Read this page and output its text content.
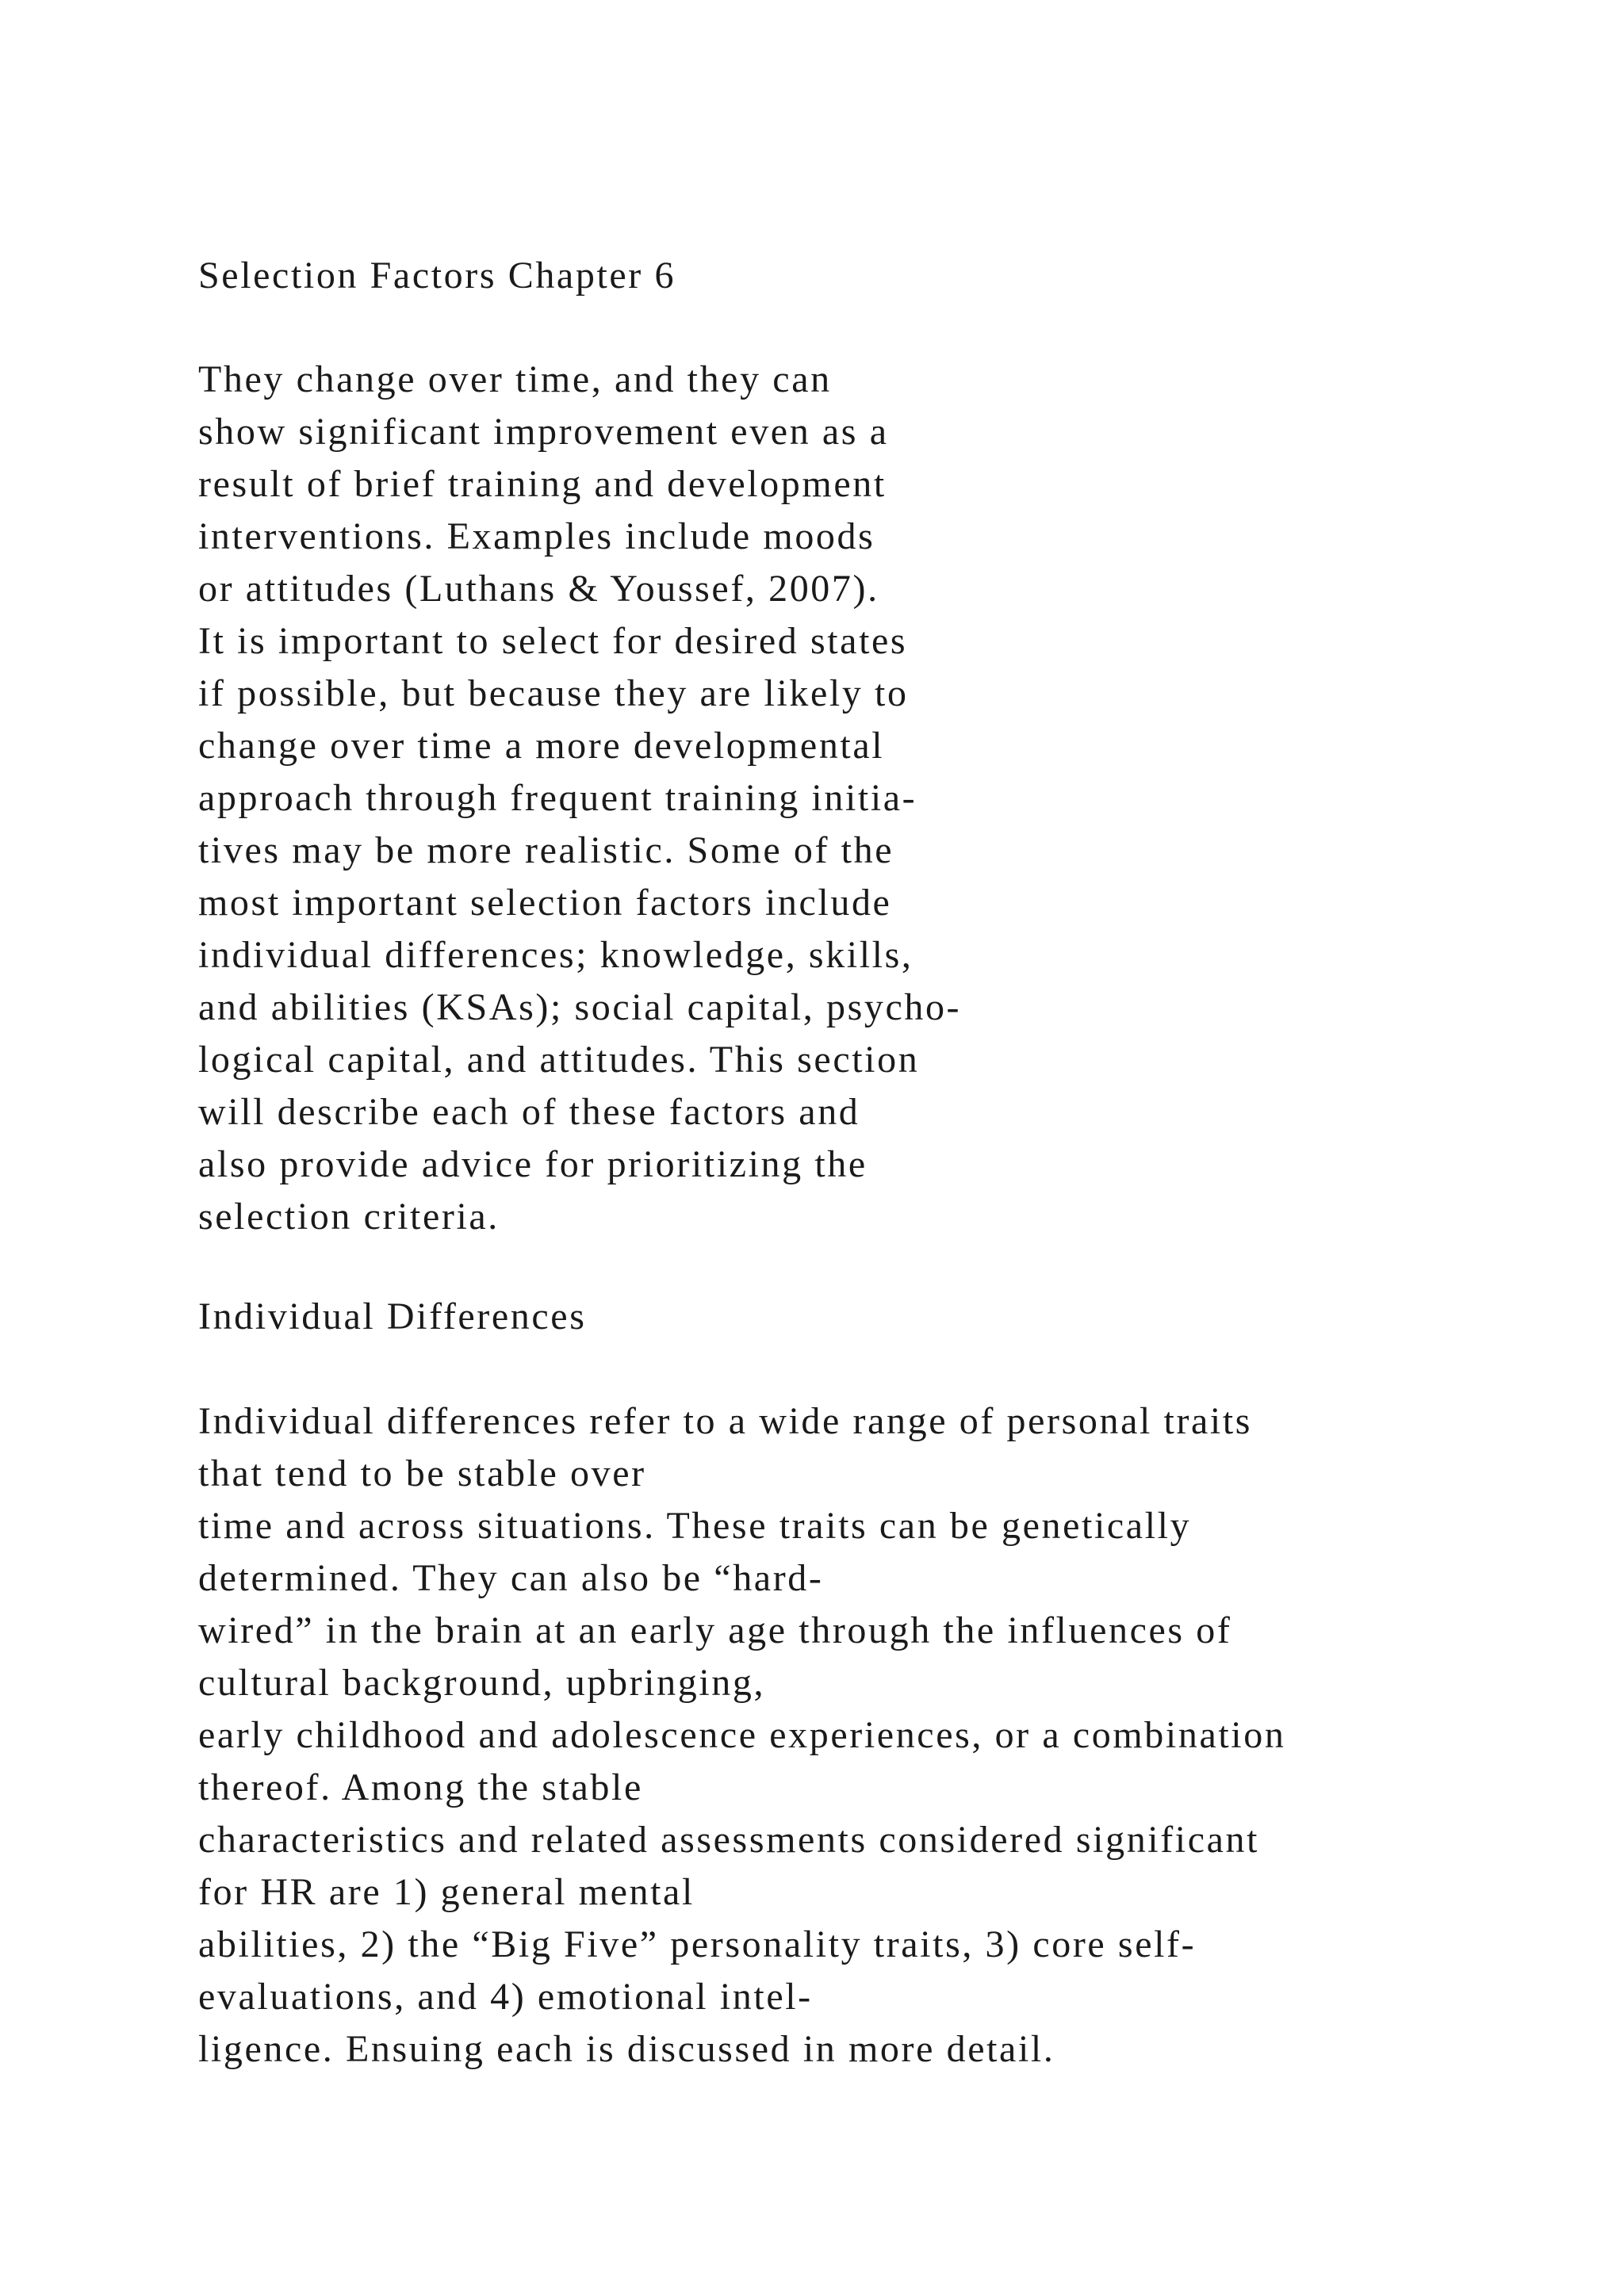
Selection Factors Chapter 6
They change over time, and they can
show significant improvement even as a
result of brief training and development
interventions. Examples include moods
or attitudes (Luthans & Youssef, 2007).
It is important to select for desired states
if possible, but because they are likely to
change over time a more developmental
approach through frequent training initia-
tives may be more realistic. Some of the
most important selection factors include
individual differences; knowledge, skills,
and abilities (KSAs); social capital, psycho-
logical capital, and attitudes. This section
will describe each of these factors and
also provide advice for prioritizing the
selection criteria.
Individual Differences
Individual differences refer to a wide range of personal traits
that tend to be stable over
time and across situations. These traits can be genetically
determined. They can also be “hard-
wired” in the brain at an early age through the influences of
cultural background, upbringing,
early childhood and adolescence experiences, or a combination
thereof. Among the stable
characteristics and related assessments considered significant
for HR are 1) general mental
abilities, 2) the “Big Five” personality traits, 3) core self-
evaluations, and 4) emotional intel-
ligence. Ensuing each is discussed in more detail.
